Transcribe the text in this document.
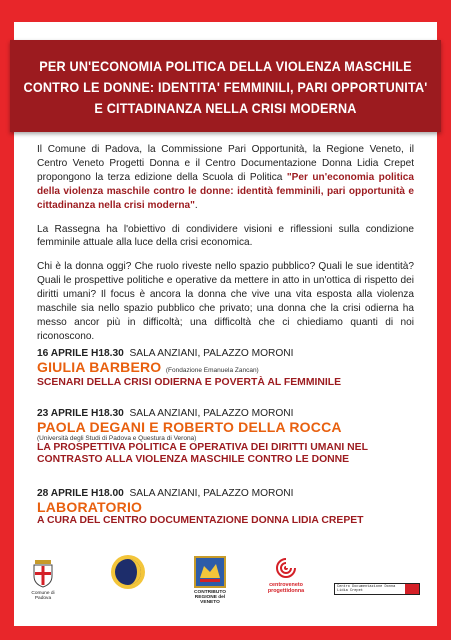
PER UN'ECONOMIA POLITICA DELLA VIOLENZA MASCHILE CONTRO LE DONNE: IDENTITA' FEMMINILI, PARI OPPORTUNITA' E CITTADINANZA NELLA CRISI MODERNA

Il Comune di Padova, la Commissione Pari Opportunità, la Regione Veneto, il Centro Veneto Progetti Donna e il Centro Documentazione Donna Lidia Crepet propongono la terza edizione della Scuola di Politica "Per un'economia politica della violenza maschile contro le donne: identità femminili, pari opportunità e cittadinanza nella crisi moderna".

La Rassegna ha l'obiettivo di condividere visioni e riflessioni sulla condizione femminile attuale alla luce della crisi economica.

Chi è la donna oggi? Che ruolo riveste nello spazio pubblico? Quali le sue identità? Quali le prospettive politiche e operative da mettere in atto in un'ottica di rispetto dei diritti umani? Il focus è ancora la donna che vive una vita esposta alla violenza maschile sia nello spazio pubblico che privato; una donna che la crisi odierna ha messo ancor più in difficoltà; una difficoltà che ci chiediamo quanti di noi riconoscono.

16 APRILE H18.30 SALA ANZIANI, PALAZZO MORONI
GIULIA BARBERO (Fondazione Emanuela Zancan)
SCENARI DELLA CRISI ODIERNA E POVERTÀ AL FEMMINILE
23 APRILE H18.30 SALA ANZIANI, PALAZZO MORONI
PAOLA DEGANI E ROBERTO DELLA ROCCA
(Università degli Studi di Padova e Questura di Verona)
LA PROSPETTIVA POLITICA E OPERATIVA DEI DIRITTI UMANI NEL CONTRASTO ALLA VIOLENZA MASCHILE CONTRO LE DONNE
28 APRILE H18.00 SALA ANZIANI, PALAZZO MORONI
LABORATORIO
A CURA DEL CENTRO DOCUMENTAZIONE DONNA LIDIA CREPET
Comune di Padova
CONTRIBUTO REGIONE del VENETO
centroveneto progettidonna
Centro Documentazione Donna Lidia Crepet
